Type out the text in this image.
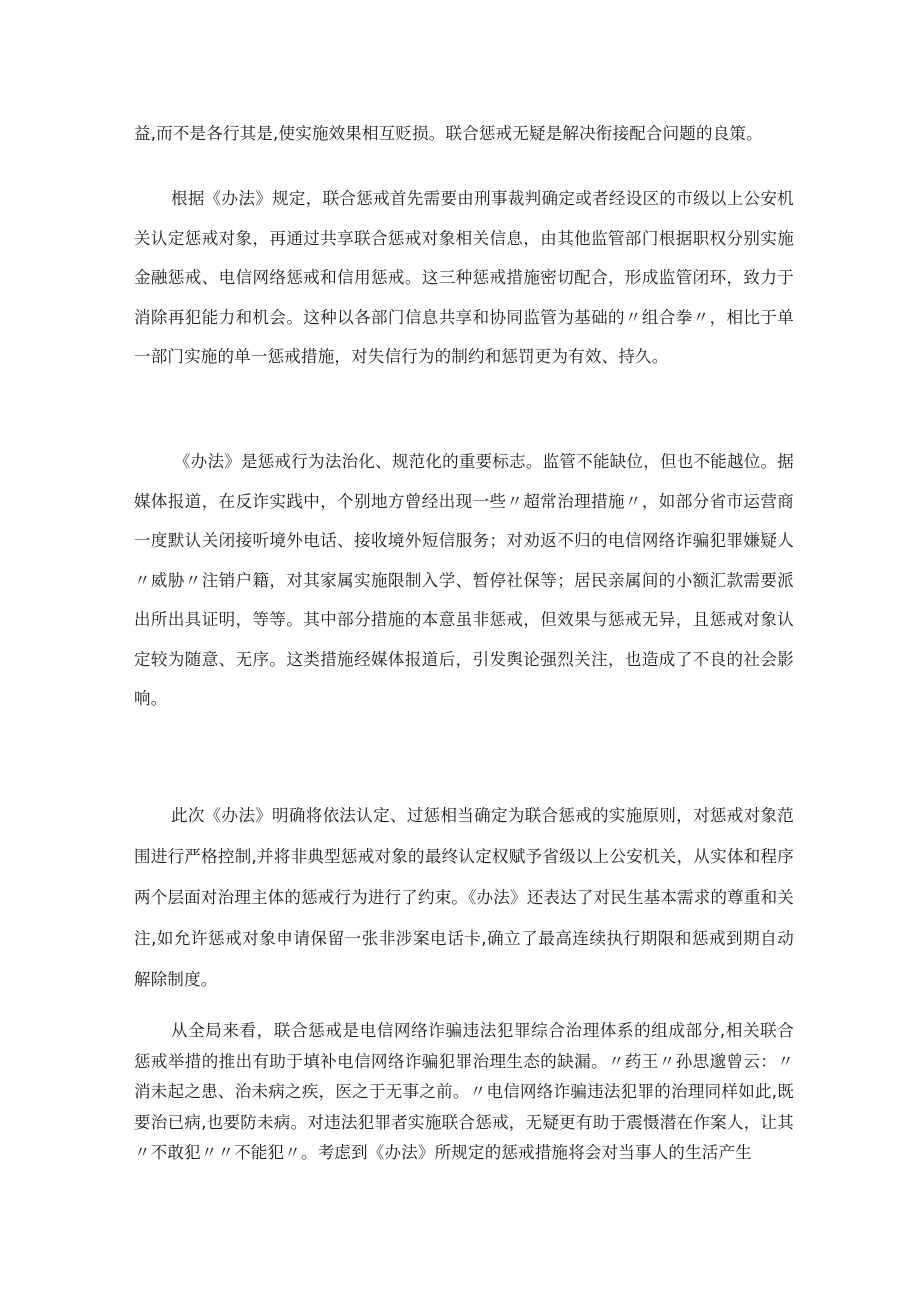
益,而不是各行其是,使实施效果相互贬损。联合惩戒无疑是解决衔接配合问题的良策。

根据《办法》规定，联合惩戒首先需要由刑事裁判确定或者经设区的市级以上公安机关认定惩戒对象，再通过共享联合惩戒对象相关信息，由其他监管部门根据职权分别实施金融惩戒、电信网络惩戒和信用惩戒。这三种惩戒措施密切配合，形成监管闭环，致力于消除再犯能力和机会。这种以各部门信息共享和协同监管为基础的〃组合拳〃，相比于单一部门实施的单一惩戒措施，对失信行为的制约和惩罚更为有效、持久。

《办法》是惩戒行为法治化、规范化的重要标志。监管不能缺位，但也不能越位。据媒体报道，在反诈实践中，个别地方曾经出现一些〃超常治理措施〃，如部分省市运营商一度默认关闭接听境外电话、接收境外短信服务；对劝返不归的电信网络诈骗犯罪嫌疑人〃威胁〃注销户籍，对其家属实施限制入学、暂停社保等；居民亲属间的小额汇款需要派出所出具证明，等等。其中部分措施的本意虽非惩戒，但效果与惩戒无异，且惩戒对象认定较为随意、无序。这类措施经媒体报道后，引发舆论强烈关注，也造成了不良的社会影响。

此次《办法》明确将依法认定、过惩相当确定为联合惩戒的实施原则，对惩戒对象范围进行严格控制,并将非典型惩戒对象的最终认定权赋予省级以上公安机关，从实体和程序两个层面对治理主体的惩戒行为进行了约束。《办法》还表达了对民生基本需求的尊重和关注,如允许惩戒对象申请保留一张非涉案电话卡,确立了最高连续执行期限和惩戒到期自动解除制度。

从全局来看，联合惩戒是电信网络诈骗违法犯罪综合治理体系的组成部分,相关联合惩戒举措的推出有助于填补电信网络诈骗犯罪治理生态的缺漏。〃药王〃孙思邈曾云：〃消未起之患、治未病之疾，医之于无事之前。〃电信网络诈骗违法犯罪的治理同样如此,既要治已病,也要防未病。对违法犯罪者实施联合惩戒，无疑更有助于震慑潜在作案人，让其〃不敢犯〃〃不能犯〃。考虑到《办法》所规定的惩戒措施将会对当事人的生活产生
